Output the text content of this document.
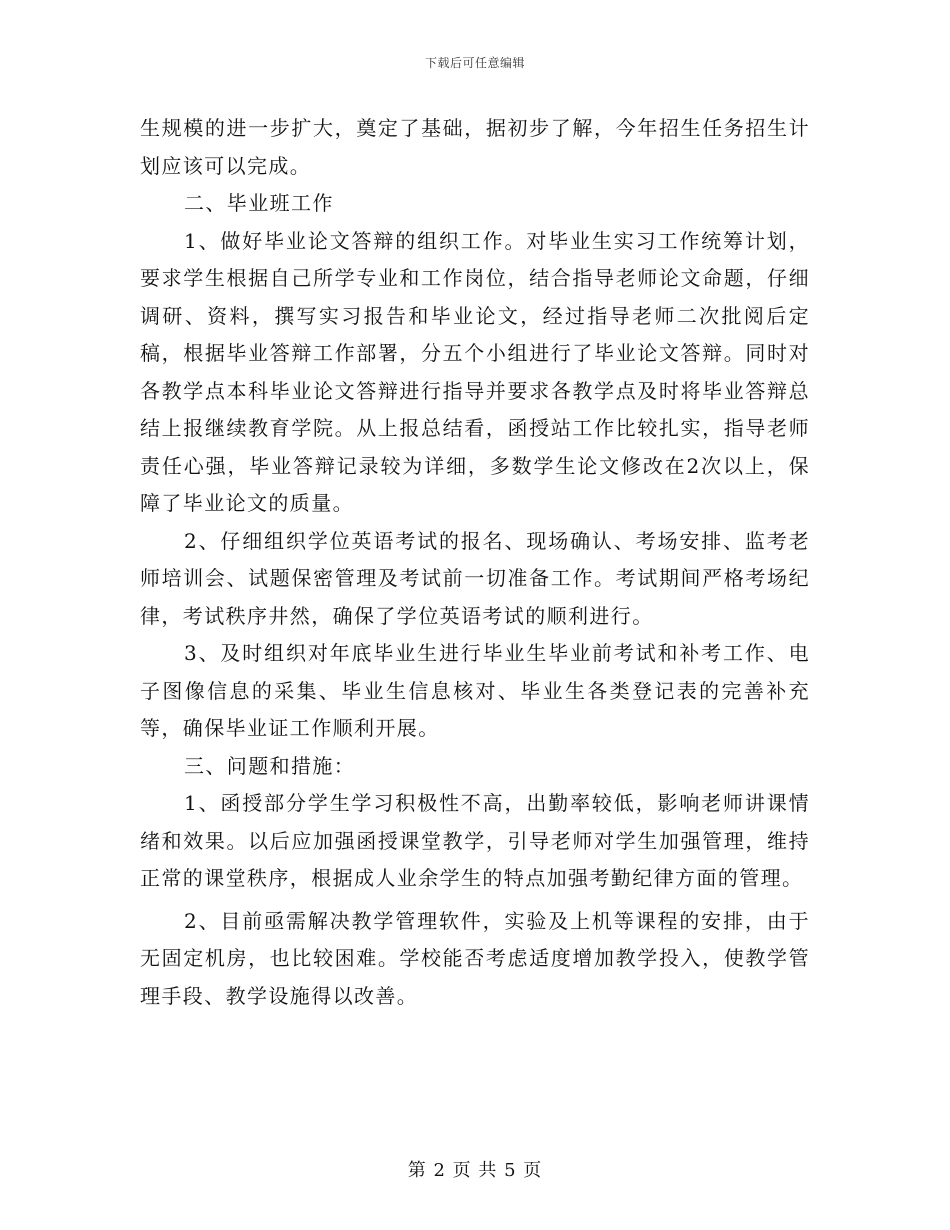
下载后可任意编辑

生规模的进一步扩大，奠定了基础，据初步了解，今年招生任务招生计划应该可以完成。

二、毕业班工作

1、做好毕业论文答辩的组织工作。对毕业生实习工作统筹计划，要求学生根据自己所学专业和工作岗位，结合指导老师论文命题，仔细调研、资料，撰写实习报告和毕业论文，经过指导老师二次批阅后定稿，根据毕业答辩工作部署，分五个小组进行了毕业论文答辩。同时对各教学点本科毕业论文答辩进行指导并要求各教学点及时将毕业答辩总结上报继续教育学院。从上报总结看，函授站工作比较扎实，指导老师责任心强，毕业答辩记录较为详细，多数学生论文修改在2次以上，保障了毕业论文的质量。

2、仔细组织学位英语考试的报名、现场确认、考场安排、监考老师培训会、试题保密管理及考试前一切准备工作。考试期间严格考场纪律，考试秩序井然，确保了学位英语考试的顺利进行。

3、及时组织对年底毕业生进行毕业生毕业前考试和补考工作、电子图像信息的采集、毕业生信息核对、毕业生各类登记表的完善补充等，确保毕业证工作顺利开展。

三、问题和措施：

1、函授部分学生学习积极性不高，出勤率较低，影响老师讲课情绪和效果。以后应加强函授课堂教学，引导老师对学生加强管理，维持正常的课堂秩序，根据成人业余学生的特点加强考勤纪律方面的管理。

2、目前亟需解决教学管理软件，实验及上机等课程的安排，由于无固定机房，也比较困难。学校能否考虑适度增加教学投入，使教学管理手段、教学设施得以改善。

第 2 页 共 5 页
